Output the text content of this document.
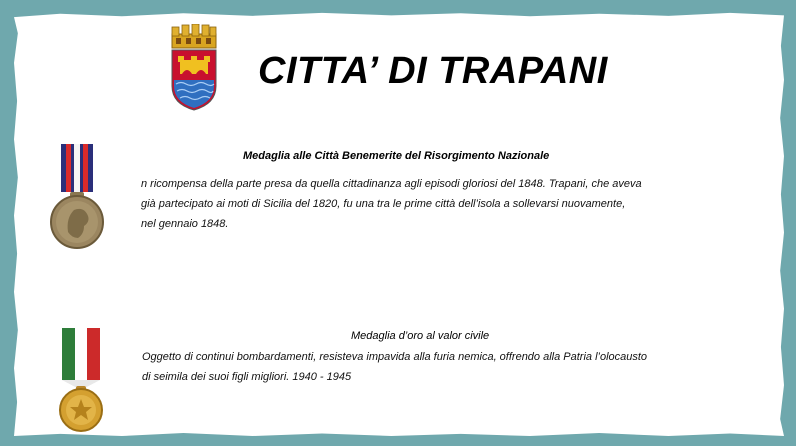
CITTA’ DI TRAPANI
Medaglia alle Città Benemerite del Risorgimento Nazionale
n ricompensa della parte presa da quella cittadinanza agli episodi gloriosi del 1848. Trapani, che aveva
già partecipato ai moti di Sicilia del 1820, fu una tra le prime città dell’isola a sollevarsi nuovamente,
nel gennaio 1848.
Medaglia d’oro al valor civile
Oggetto di continui bombardamenti, resisteva impavida alla furia nemica, offrendo alla Patria l’olocausto
di seimila dei suoi figli migliori. 1940 - 1945
